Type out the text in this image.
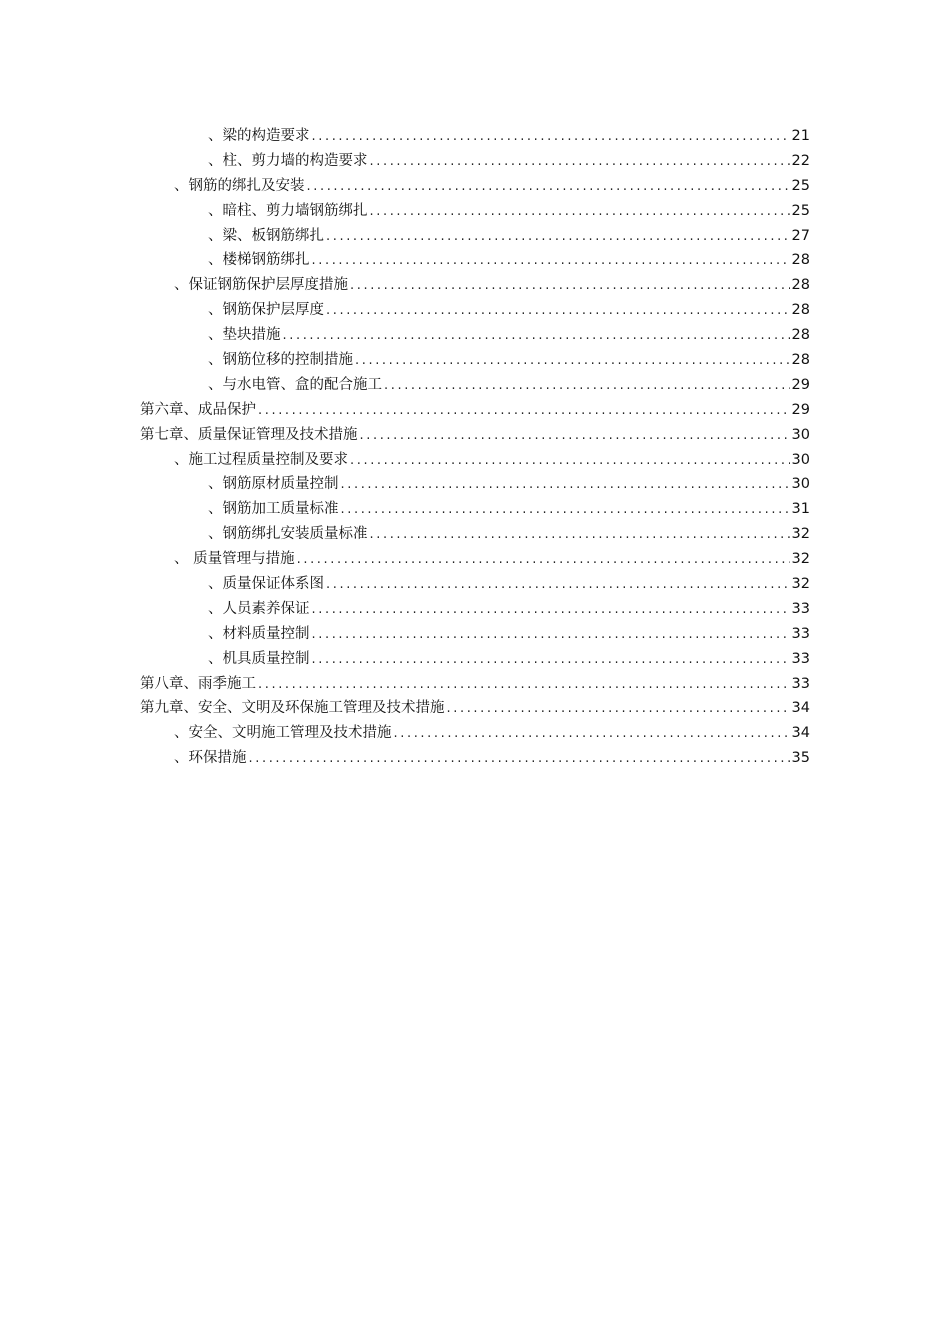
、梁的构造要求 .....	21
、柱、剪力墙的构造要求 .....	22
、钢筋的绑扎及安装 .....	25
、暗柱、剪力墙钢筋绑扎 .....	25
、梁、板钢筋绑扎 .....	27
、楼梯钢筋绑扎 .....	28
、保证钢筋保护层厚度措施 .....	28
、钢筋保护层厚度 .....	28
、垫块措施 .....	28
、钢筋位移的控制措施 .....	28
、与水电管、盒的配合施工 .....	29
第六章、成品保护 .....	29
第七章、质量保证管理及技术措施 .....	30
、施工过程质量控制及要求 .....	30
、钢筋原材质量控制 .....	30
、钢筋加工质量标准 .....	31
、钢筋绑扎安装质量标准 .....	32
、 质量管理与措施 .....	32
、质量保证体系图 .....	32
、人员素养保证 .....	33
、材料质量控制 .....	33
、机具质量控制 .....	33
第八章、雨季施工 .....	33
第九章、安全、文明及环保施工管理及技术措施 .....	34
、安全、文明施工管理及技术措施 .....	34
、环保措施 .....	35
